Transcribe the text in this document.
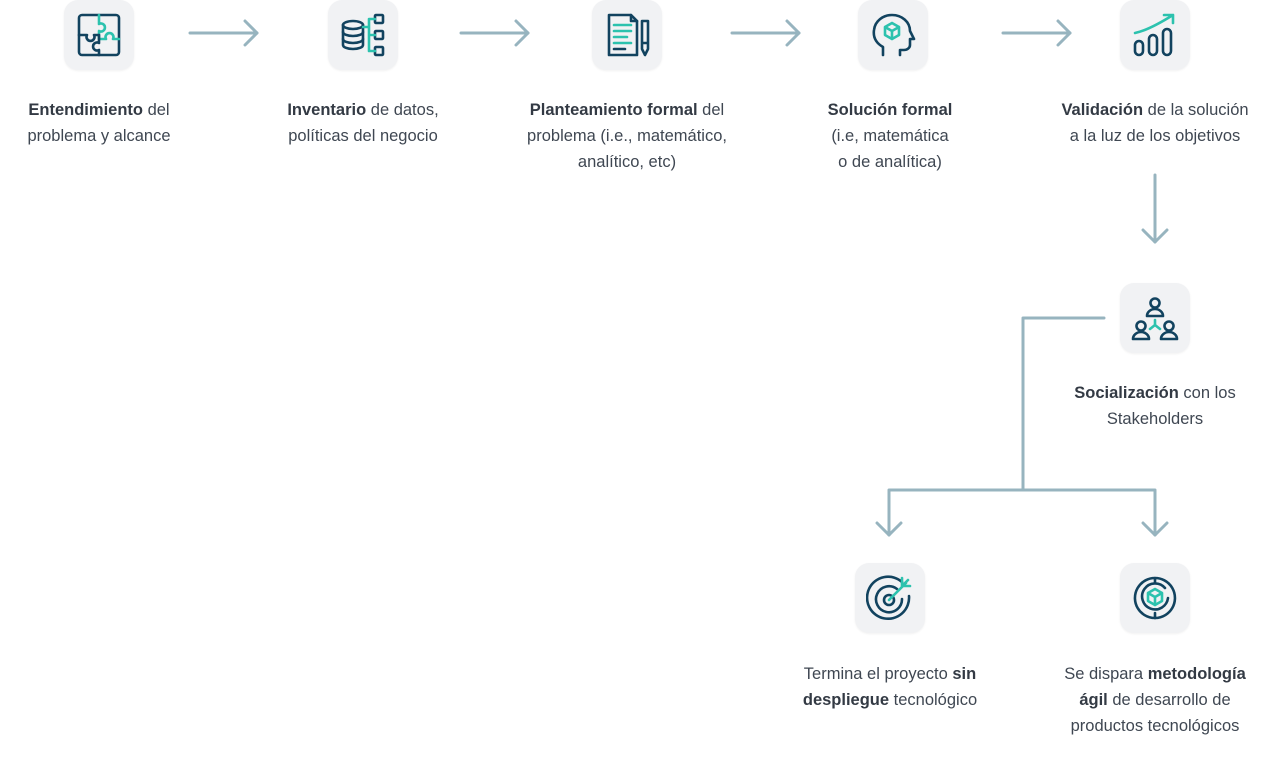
Entendimiento del
problema y alcance
Inventario de datos,
políticas del negocio
Planteamiento formal del
problema (i.e., matemático,
analítico, etc)
Solución formal
(i.e, matemática
o de analítica)
Validación de la solución
a la luz de los objetivos
Socialización con los
Stakeholders
Termina el proyecto sin
despliegue tecnológico
Se dispara metodología
ágil de desarrollo de
productos tecnológicos
